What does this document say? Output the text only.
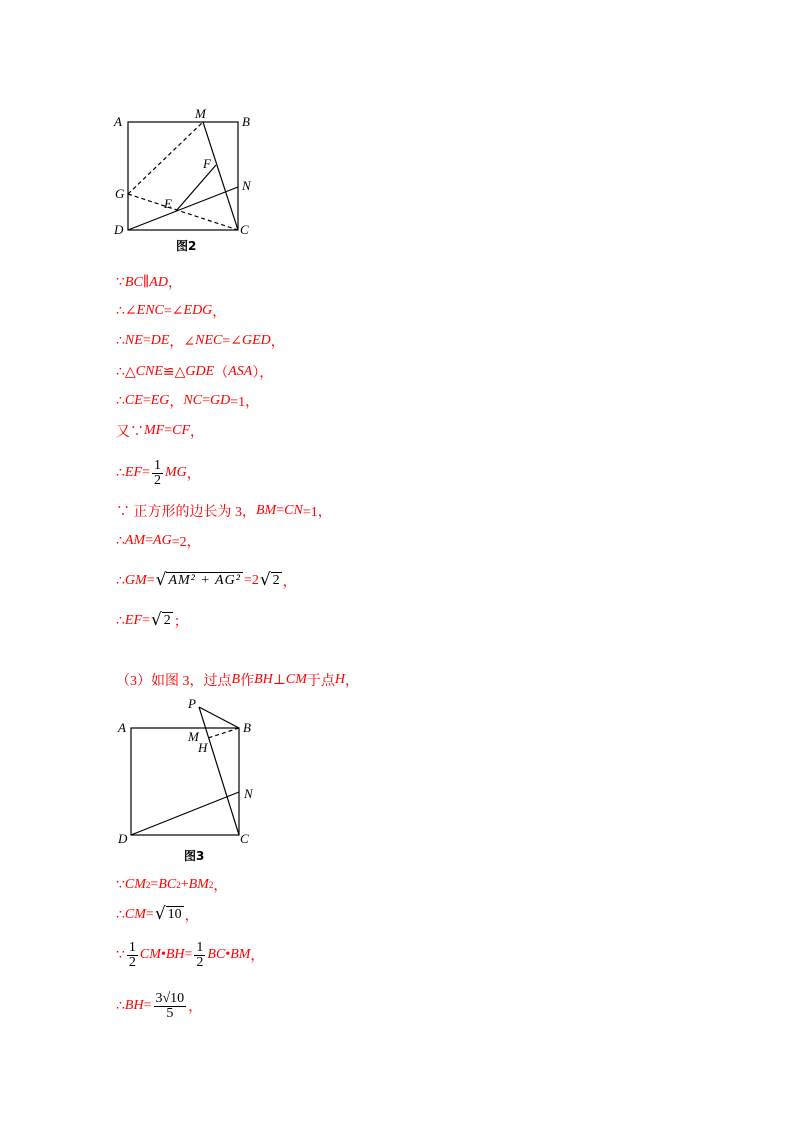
A	B
M
F
N
G
E
D	C
图2
∵ BC∥AD ，
∴∠ ENC =∠ EDG ，
∴ NE = DE ，∠ NEC =∠ GED ，
∴△ CNE ≌△ GDE （ ASA ），
∴ CE = EG ， NC = GD =1，
又∵ MF = CF ，
∴ EF = $\frac{1}{2}$ MG ，
∵ 正方形的边长为 3， BM = CN =1，
∴ AM = AG =2，
∴ GM = √ AM² + AG² =2 √ 2 ，
∴ EF = √ 2 ；
（3）如图 3，过点 B 作 BH ⊥ CM 于点 H ，
P
A	B
M
H
N
D	C
图3
∵ CM 2 = BC 2 + BM 2 ，
∴ CM = √ 10 ，
∵ $\frac{1}{2}$ CM•BH = $\frac{1}{2}$ BC•BM ，
∴ BH = $\frac{3√10}{5}$ ，
